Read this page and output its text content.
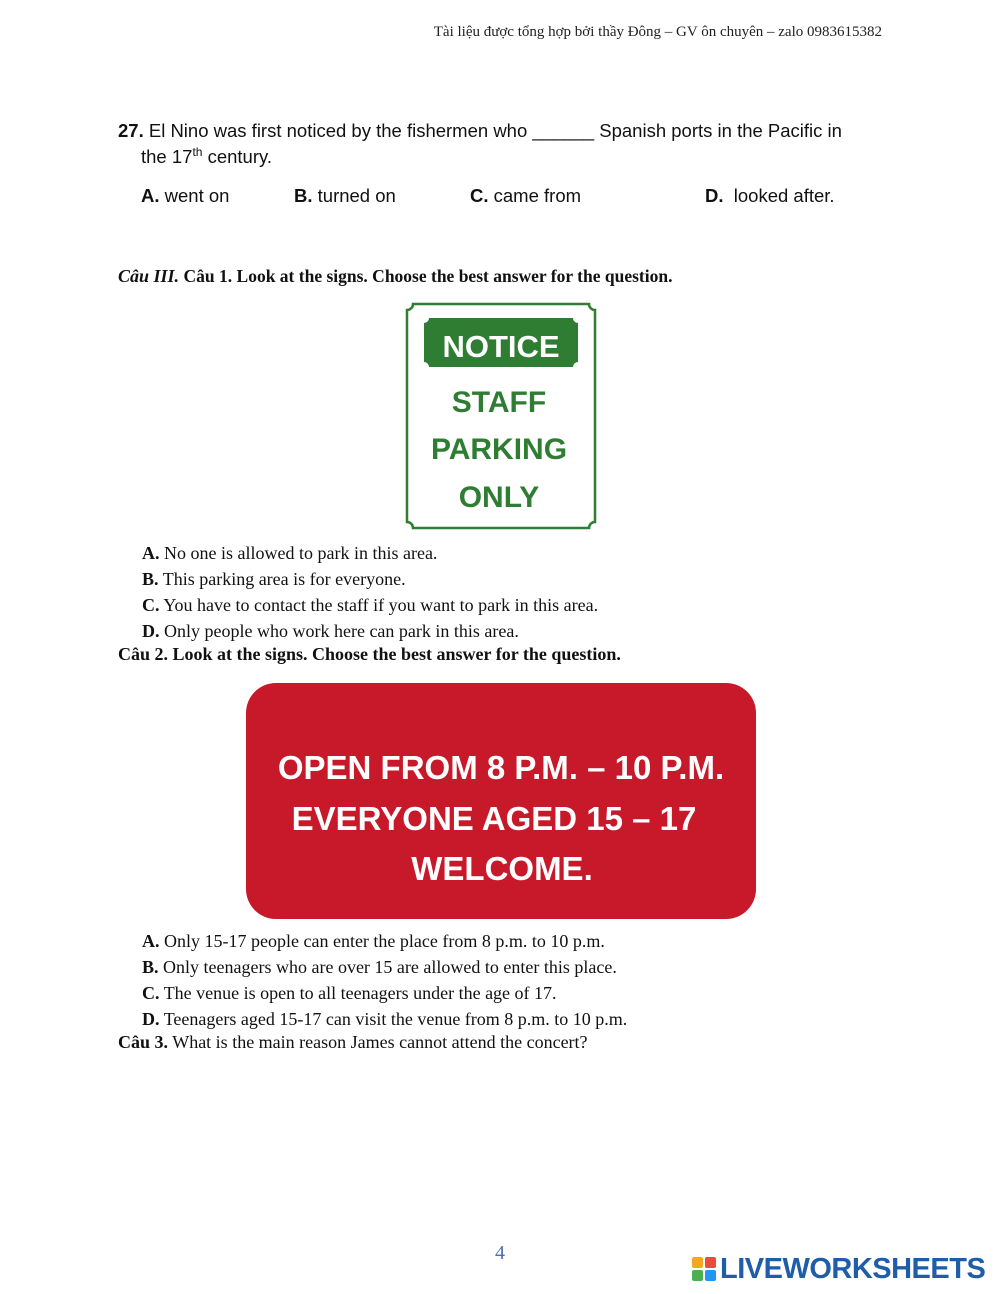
Tài liệu được tổng hợp bởi thầy Đông – GV ôn chuyên – zalo 0983615382
27. El Nino was first noticed by the fishermen who ______ Spanish ports in the Pacific in
the 17th century.
A. went on	B. turned on	C. came from	D. looked after.
Câu III. Câu 1. Look at the signs. Choose the best answer for the question.
NOTICE
STAFF
PARKING
ONLY
A. No one is allowed to park in this area.
B. This parking area is for everyone.
C. You have to contact the staff if you want to park in this area.
D. Only people who work here can park in this area.
Câu 2. Look at the signs. Choose the best answer for the question.
OPEN FROM 8 P.M. – 10 P.M.
EVERYONE AGED 15 – 17
WELCOME.
A. Only 15-17 people can enter the place from 8 p.m. to 10 p.m.
B. Only teenagers who are over 15 are allowed to enter this place.
C. The venue is open to all teenagers under the age of 17.
D. Teenagers aged 15-17 can visit the venue from 8 p.m. to 10 p.m.
Câu 3. What is the main reason James cannot attend the concert?
4	LIVEWORKSHEETS
